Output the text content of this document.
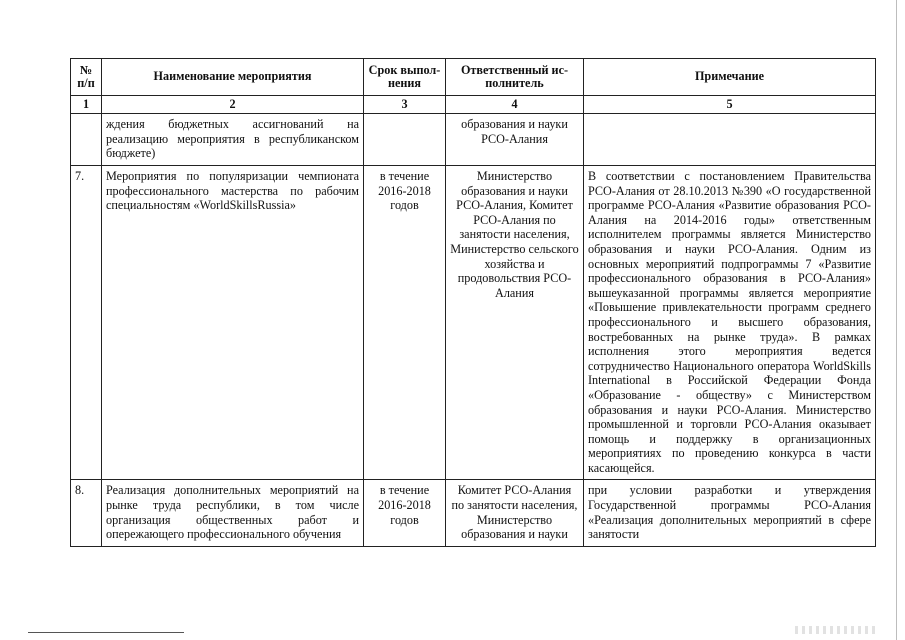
№ п/п	Наименование мероприятия	Срок выпол-нения	Ответственный ис-полнитель	Примечание
1	2	3	4	5
	ждения бюджетных ассигнований на реализацию мероприятия в республиканском бюджете)		образования и науки РСО-Алания	
7.	Мероприятия по популяризации чемпионата профессионального мастерства по рабочим специальностям «WorldSkillsRussia»	в течение 2016-2018 годов	Министерство образования и науки РСО-Алания, Комитет РСО-Алания по занятости населения, Министерство сельского хозяйства и продовольствия РСО-Алания	В соответствии с постановлением Правительства РСО-Алания от 28.10.2013 №390 «О государственной программе РСО-Алания «Развитие образования РСО-Алания на 2014-2016 годы» ответственным исполнителем программы является Министерство образования и науки РСО-Алания. Одним из основных мероприятий подпрограммы 7 «Развитие профессионального образования в РСО-Алания» вышеуказанной программы является мероприятие «Повышение привлекательности программ среднего профессионального и высшего образования, востребованных на рынке труда». В рамках исполнения этого мероприятия ведется сотрудничество Национального оператора WorldSkills International в Российской Федерации Фонда «Образование - обществу» с Министерством образования и науки РСО-Алания. Министерство промышленной и торговли РСО-Алания оказывает помощь и поддержку в организационных мероприятиях по проведению конкурса в части касающейся.
8.	Реализация дополнительных мероприятий на рынке труда республики, в том числе организация общественных работ и опережающего профессионального обучения	в течение 2016-2018 годов	Комитет РСО-Алания по занятости населения, Министерство образования и науки	при условии разработки и утверждения Государственной программы РСО-Алания «Реализация дополнительных мероприятий в сфере занятости
